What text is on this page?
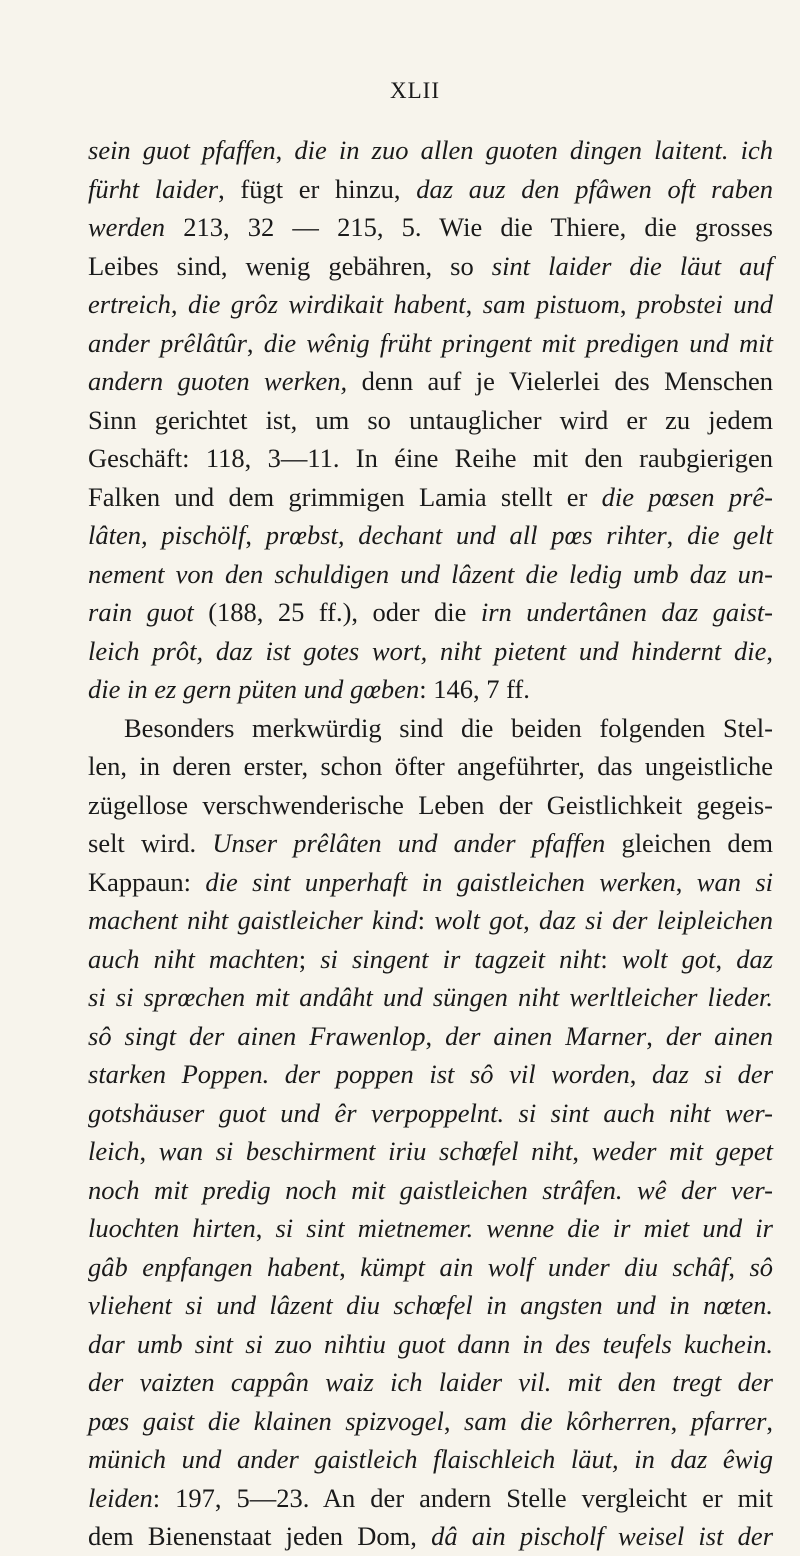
XLII
sein guot pfaffen, die in zuo allen guoten dingen laitent. ich
fürht laider, fügt er hinzu, daz auz den pfâwen oft raben
werden 213, 32 — 215, 5. Wie die Thiere, die grosses
Leibes sind, wenig gebähren, so sint laider die läut auf
ertreich, die grôz wirdikait habent, sam pistuom, probstei und
ander prêlâtûr, die wênig früht pringent mit predigen und mit
andern guoten werken, denn auf je Vielerlei des Menschen
Sinn gerichtet ist, um so untauglicher wird er zu jedem
Geschäft: 118, 3—11. In éine Reihe mit den raubgierigen
Falken und dem grimmigen Lamia stellt er die pœsen prê-
lâten, pischölf, prœbst, dechant und all pœs rihter, die gelt
nement von den schuldigen und lâzent die ledig umb daz un-
rain guot (188, 25 ff.), oder die irn undertânen daz gaist-
leich prôt, daz ist gotes wort, niht pietent und hindernt die,
die in ez gern püten und gœben: 146, 7 ff.
Besonders merkwürdig sind die beiden folgenden Stel-
len, in deren erster, schon öfter angeführter, das ungeistliche
zügellose verschwenderische Leben der Geistlichkeit gegeis-
selt wird. Unser prêlâten und ander pfaffen gleichen dem
Kappaun: die sint unperhaft in gaistleichen werken, wan si
machent niht gaistleicher kind: wolt got, daz si der leipleichen
auch niht machten; si singent ir tagzeit niht: wolt got, daz
si si sprœchen mit andâht und süngen niht werltleicher lieder.
sô singt der ainen Frawenlop, der ainen Marner, der ainen
starken Poppen. der poppen ist sô vil worden, daz si der
gotshäuser guot und êr verpoppelnt. si sint auch niht wer-
leich, wan si beschirment iriu schœfel niht, weder mit gepet
noch mit predig noch mit gaistleichen strâfen. wê der ver-
luochten hirten, si sint mietnemer. wenne die ir miet und ir
gâb enpfangen habent, kümpt ain wolf under diu schâf, sô
vliehent si und lâzent diu schœfel in angsten und in nœten.
dar umb sint si zuo nihtiu guot dann in des teufels kuchein.
der vaizten cappân waiz ich laider vil. mit den tregt der
pœs gaist die klainen spizvogel, sam die kôrherren, pfarrer,
münich und ander gaistleich flaischleich läut, in daz êwig
leiden: 197, 5—23. An der andern Stelle vergleicht er mit
dem Bienenstaat jeden Dom, dâ ain pischolf weisel ist der
